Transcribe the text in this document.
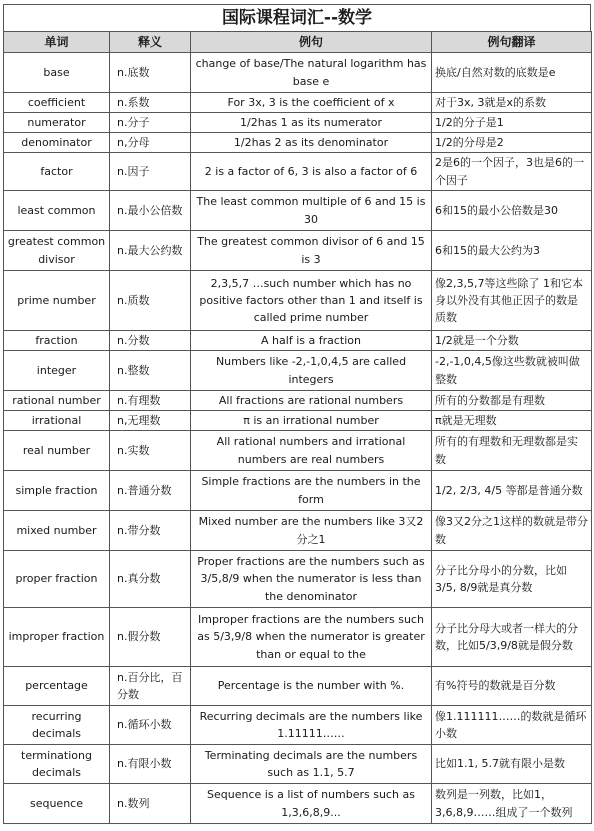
国际课程词汇--数学
单词	释义	例句	例句翻译
base	n.底数	change of base/The natural logarithm has base e	换底/自然对数的底数是e
coefficient	n.系数	For 3x, 3 is the coefficient of x	对于3x, 3就是x的系数
numerator	n.分子	1/2has 1 as its numerator	1/2的分子是1
denominator	n,分母	1/2has 2 as its denominator	1/2的分母是2
factor	n.因子	2 is a factor of 6, 3 is also a factor of 6	2是6的一个因子，3也是6的一个因子
least common	n.最小公倍数	The least common multiple of 6 and 15 is 30	6和15的最小公倍数是30
greatest common divisor	n.最大公约数	The greatest common divisor of 6 and 15 is 3	6和15的最大公约为3
prime number	n.质数	2,3,5,7 …such number which has no positive factors other than 1 and itself is called prime number	像2,3,5,7等这些除了 1和它本身以外没有其他正因子的数是质数
fraction	n.分数	A half is a fraction	1/2就是一个分数
integer	n.整数	Numbers like -2,-1,0,4,5 are called integers	-2,-1,0,4,5像这些数就被叫做整数
rational number	n.有理数	All fractions are rational numbers	所有的分数都是有理数
irrational	n,无理数	π is an irrational number	π就是无理数
real number	n.实数	All rational numbers and irrational numbers are real numbers	所有的有理数和无理数都是实数
simple fraction	n.普通分数	Simple fractions are the numbers in the form	1/2, 2/3, 4/5 等都是普通分数
mixed number	n.带分数	Mixed number are the numbers like 3又2分之1	像3又2分之1这样的数就是带分数
proper fraction	n.真分数	Proper fractions are the numbers such as 3/5,8/9 when the numerator is less than the denominator	分子比分母小的分数，比如3/5, 8/9就是真分数
improper fraction	n.假分数	Improper fractions are the numbers such as 5/3,9/8 when the numerator is greater than or equal to the	分子比分母大或者一样大的分数，比如5/3,9/8就是假分数
percentage	n.百分比，百分数	Percentage is the number with %.	有%符号的数就是百分数
recurring decimals	n.循环小数	Recurring decimals are the numbers like 1.11111……	像1.111111……的数就是循环小数
terminationg decimals	n.有限小数	Terminating decimals are the numbers such as 1.1, 5.7	比如1.1, 5.7就有限小是数
sequence	n.数列	Sequence is a list of numbers such as 1,3,6,8,9...	数列是一列数，比如1，3,6,8,9……组成了一个数列
